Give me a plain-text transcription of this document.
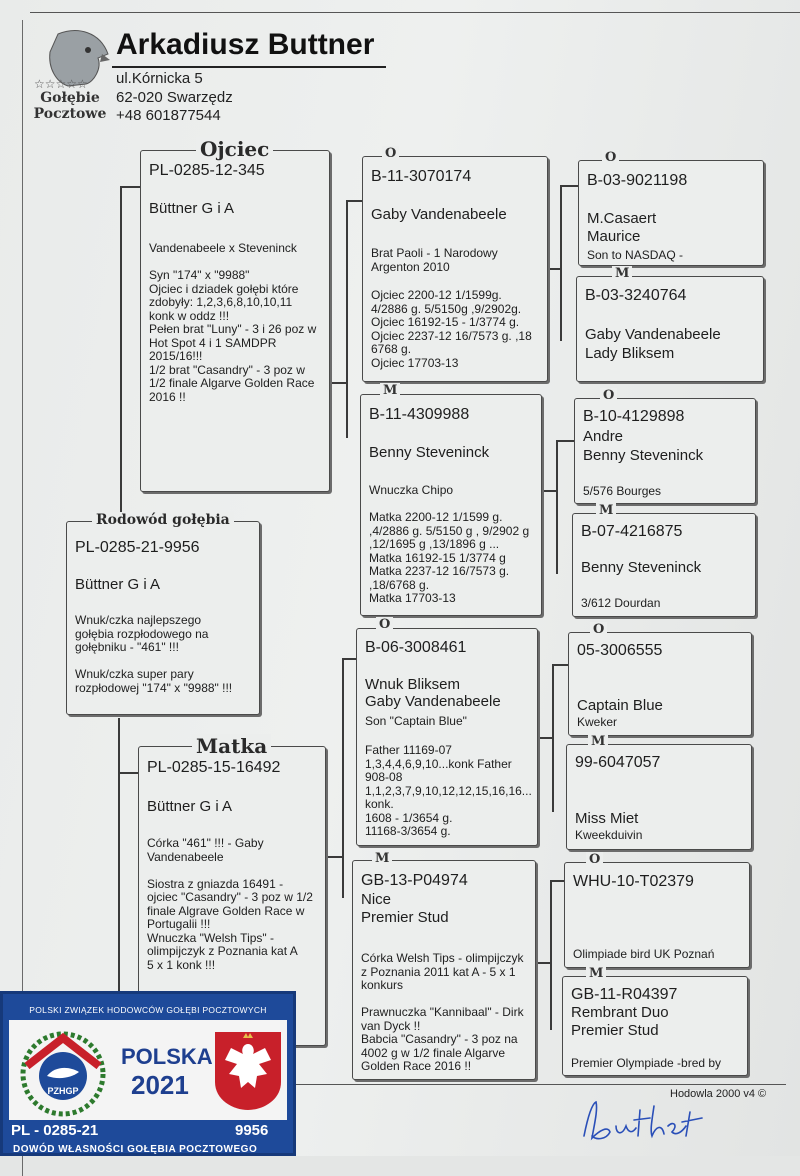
☆☆☆☆☆
Gołębie
Pocztowe
Arkadiusz Buttner
ul.Kórnicka 5
62-020 Swarzędz
+48 601877544
PL-0285-21-9956
Büttner G i A
Wnuk/czka najlepszego
gołębia rozpłodowego na
gołębniku - "461" !!!

Wnuk/czka super pary
rozpłodowej "174" x "9988" !!!
Rodowód gołębia
PL-0285-12-345
Büttner G i A
Vandenabeele x Steveninck
Syn "174" x "9988"
Ojciec i dziadek gołębi które
zdobyły: 1,2,3,6,8,10,10,11
konk w oddz !!!
Pełen brat "Luny" - 3 i 26 poz w
Hot Spot 4 i 1 SAMDPR
2015/16!!!
1/2 brat "Casandry" - 3 poz w
1/2 finale Algarve Golden Race
2016 !!
Ojciec
PL-0285-15-16492
Büttner G i A
Córka "461" !!! - Gaby
Vandenabeele

Siostra z gniazda 16491 -
ojciec "Casandry" - 3 poz w 1/2
finale Algrave Golden Race w
Portugalii !!!
Wnuczka "Welsh Tips" -
olimpijczyk z Poznania kat A
5 x 1 konk !!!
Matka
B-11-3070174
Gaby Vandenabeele
Brat Paoli - 1 Narodowy
Argenton 2010
Ojciec 2200-12 1/1599g.
4/2886 g. 5/5150g ,9/2902g.
Ojciec 16192-15 - 1/3774 g.
Ojciec 2237-12 16/7573 g. ,18
6768 g.
Ojciec 17703-13
O
B-11-4309988
Benny Steveninck
Wnuczka Chipo
Matka 2200-12 1/1599 g.
,4/2886 g. 5/5150 g , 9/2902 g
,12/1695 g ,13/1896 g ...
Matka 16192-15 1/3774 g
Matka 2237-12 16/7573 g.
,18/6768 g.
Matka 17703-13
M
B-06-3008461
Wnuk Bliksem
Gaby Vandenabeele
Son "Captain Blue"
Father 11169-07
1,3,4,4,6,9,10...konk Father
908-08
1,1,2,3,7,9,10,12,12,15,16,16...
konk.
1608 - 1/3654 g.
11168-3/3654 g.
O
GB-13-P04974
Nice
Premier Stud
Córka Welsh Tips - olimpijczyk
z Poznania 2011 kat A - 5 x 1
konkurs
Prawnuczka "Kannibaal" - Dirk
van Dyck !!
Babcia "Casandry" - 3 poz na
4002 g w 1/2 finale Algarve
Golden Race 2016 !!
M
B-03-9021198
M.Casaert
Maurice
Son to NASDAQ -
O
B-03-3240764
Gaby Vandenabeele
Lady Bliksem
M
B-10-4129898
Andre
Benny Steveninck
5/576 Bourges
O
B-07-4216875
Benny Steveninck
3/612 Dourdan
M
05-3006555
Captain Blue
Kweker
O
99-6047057
Miss Miet
Kweekduivin
M
WHU-10-T02379
Olimpiade bird UK Poznań
O
GB-11-R04397
Rembrant Duo
Premier Stud
Premier Olympiade -bred by
M
Hodowla 2000 v4 ©
POLSKI ZWIĄZEK HODOWCÓW GOŁĘBI POCZTOWYCH
PZHGP
POLSKA
2021
PL - 0285-21	9956
DOWÓD WŁASNOŚCI GOŁĘBIA POCZTOWEGO
